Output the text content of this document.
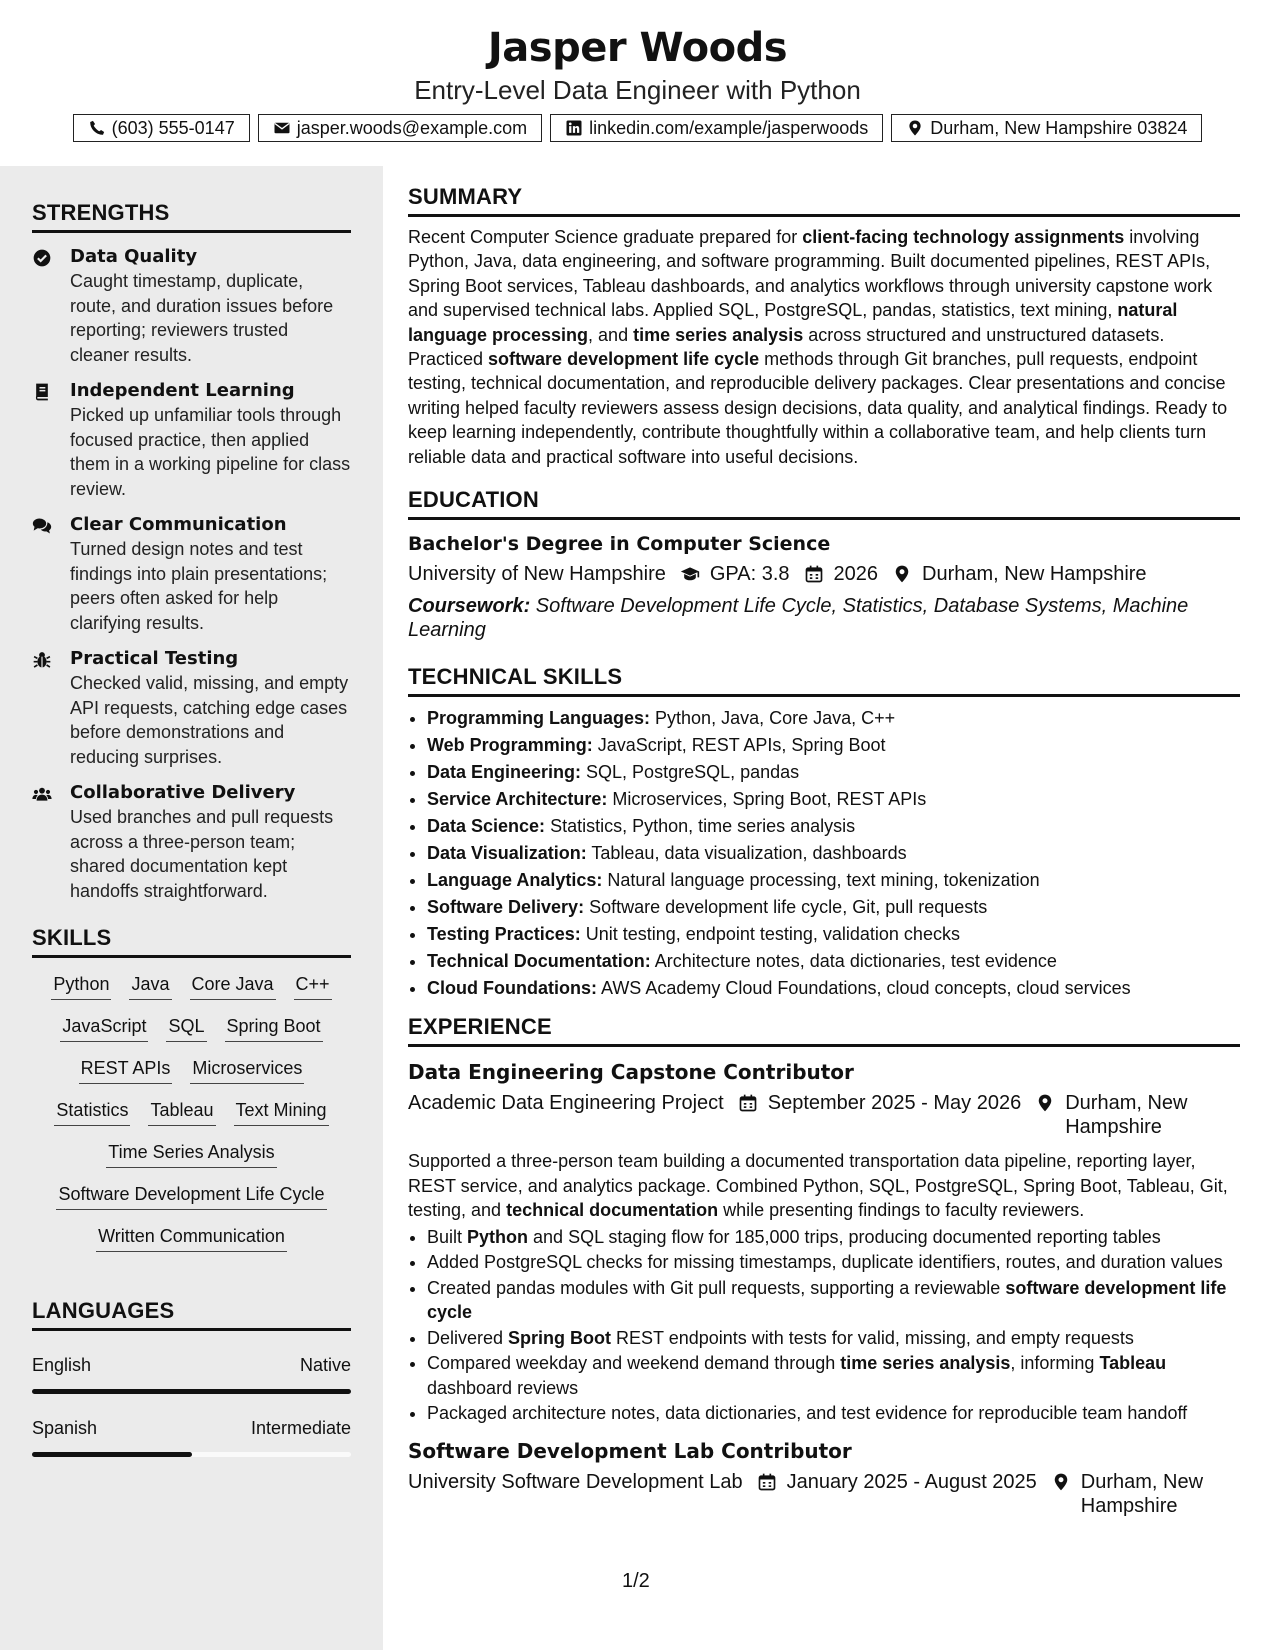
Jasper Woods
Entry-Level Data Engineer with Python
(603) 555-0147	jasper.woods@example.com	linkedin.com/example/jasperwoods	Durham, New Hampshire 03824
STRENGTHS
Data Quality
Caught timestamp, duplicate, route, and duration issues before reporting; reviewers trusted cleaner results.
Independent Learning
Picked up unfamiliar tools through focused practice, then applied them in a working pipeline for class review.
Clear Communication
Turned design notes and test findings into plain presentations; peers often asked for help clarifying results.
Practical Testing
Checked valid, missing, and empty API requests, catching edge cases before demonstrations and reducing surprises.
Collaborative Delivery
Used branches and pull requests across a three-person team; shared documentation kept handoffs straightforward.
SKILLS
Python Java Core Java C++
JavaScript SQL Spring Boot
REST APIs Microservices
Statistics Tableau Text Mining
Time Series Analysis
Software Development Life Cycle
Written Communication
LANGUAGES
English	Native
Spanish	Intermediate
SUMMARY
Recent Computer Science graduate prepared for client-facing technology assignments involving Python, Java, data engineering, and software programming. Built documented pipelines, REST APIs, Spring Boot services, Tableau dashboards, and analytics workflows through university capstone work and supervised technical labs. Applied SQL, PostgreSQL, pandas, statistics, text mining, natural language processing, and time series analysis across structured and unstructured datasets. Practiced software development life cycle methods through Git branches, pull requests, endpoint testing, technical documentation, and reproducible delivery packages. Clear presentations and concise writing helped faculty reviewers assess design decisions, data quality, and analytical findings. Ready to keep learning independently, contribute thoughtfully within a collaborative team, and help clients turn reliable data and practical software into useful decisions.
EDUCATION
Bachelor's Degree in Computer Science
University of New Hampshire GPA: 3.8 2026 Durham, New Hampshire
Coursework: Software Development Life Cycle, Statistics, Database Systems, Machine Learning
TECHNICAL SKILLS
• Programming Languages: Python, Java, Core Java, C++
• Web Programming: JavaScript, REST APIs, Spring Boot
• Data Engineering: SQL, PostgreSQL, pandas
• Service Architecture: Microservices, Spring Boot, REST APIs
• Data Science: Statistics, Python, time series analysis
• Data Visualization: Tableau, data visualization, dashboards
• Language Analytics: Natural language processing, text mining, tokenization
• Software Delivery: Software development life cycle, Git, pull requests
• Testing Practices: Unit testing, endpoint testing, validation checks
• Technical Documentation: Architecture notes, data dictionaries, test evidence
• Cloud Foundations: AWS Academy Cloud Foundations, cloud concepts, cloud services
EXPERIENCE
Data Engineering Capstone Contributor
Academic Data Engineering Project September 2025 - May 2026 Durham, New Hampshire
Supported a three-person team building a documented transportation data pipeline, reporting layer, REST service, and analytics package. Combined Python, SQL, PostgreSQL, Spring Boot, Tableau, Git, testing, and technical documentation while presenting findings to faculty reviewers.
• Built Python and SQL staging flow for 185,000 trips, producing documented reporting tables
• Added PostgreSQL checks for missing timestamps, duplicate identifiers, routes, and duration values
• Created pandas modules with Git pull requests, supporting a reviewable software development life cycle
• Delivered Spring Boot REST endpoints with tests for valid, missing, and empty requests
• Compared weekday and weekend demand through time series analysis, informing Tableau dashboard reviews
• Packaged architecture notes, data dictionaries, and test evidence for reproducible team handoff
Software Development Lab Contributor
University Software Development Lab January 2025 - August 2025 Durham, New Hampshire
1/2
